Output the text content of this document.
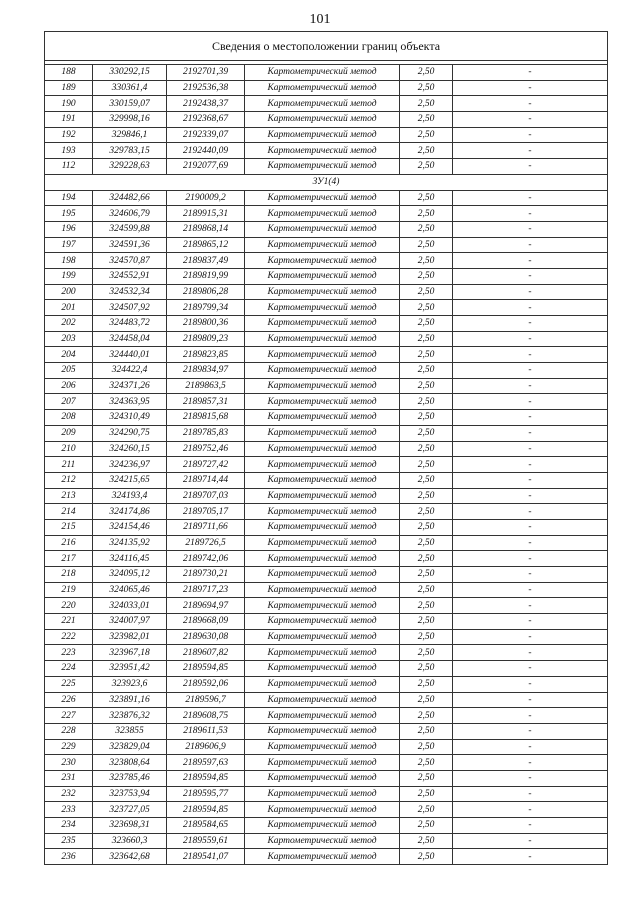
101
Сведения о местоположении границ объекта					

188	330292,15	2192701,39	Картометрический метод	2,50	-
189	330361,4	2192536,38	Картометрический метод	2,50	-
190	330159,07	2192438,37	Картометрический метод	2,50	-
191	329998,16	2192368,67	Картометрический метод	2,50	-
192	329846,1	2192339,07	Картометрический метод	2,50	-
193	329783,15	2192440,09	Картометрический метод	2,50	-
112	329228,63	2192077,69	Картометрический метод	2,50	-
ЗУ1(4)					
194	324482,66	2190009,2	Картометрический метод	2,50	-
195	324606,79	2189915,31	Картометрический метод	2,50	-
196	324599,88	2189868,14	Картометрический метод	2,50	-
197	324591,36	2189865,12	Картометрический метод	2,50	-
198	324570,87	2189837,49	Картометрический метод	2,50	-
199	324552,91	2189819,99	Картометрический метод	2,50	-
200	324532,34	2189806,28	Картометрический метод	2,50	-
201	324507,92	2189799,34	Картометрический метод	2,50	-
202	324483,72	2189800,36	Картометрический метод	2,50	-
203	324458,04	2189809,23	Картометрический метод	2,50	-
204	324440,01	2189823,85	Картометрический метод	2,50	-
205	324422,4	2189834,97	Картометрический метод	2,50	-
206	324371,26	2189863,5	Картометрический метод	2,50	-
207	324363,95	2189857,31	Картометрический метод	2,50	-
208	324310,49	2189815,68	Картометрический метод	2,50	-
209	324290,75	2189785,83	Картометрический метод	2,50	-
210	324260,15	2189752,46	Картометрический метод	2,50	-
211	324236,97	2189727,42	Картометрический метод	2,50	-
212	324215,65	2189714,44	Картометрический метод	2,50	-
213	324193,4	2189707,03	Картометрический метод	2,50	-
214	324174,86	2189705,17	Картометрический метод	2,50	-
215	324154,46	2189711,66	Картометрический метод	2,50	-
216	324135,92	2189726,5	Картометрический метод	2,50	-
217	324116,45	2189742,06	Картометрический метод	2,50	-
218	324095,12	2189730,21	Картометрический метод	2,50	-
219	324065,46	2189717,23	Картометрический метод	2,50	-
220	324033,01	2189694,97	Картометрический метод	2,50	-
221	324007,97	2189668,09	Картометрический метод	2,50	-
222	323982,01	2189630,08	Картометрический метод	2,50	-
223	323967,18	2189607,82	Картометрический метод	2,50	-
224	323951,42	2189594,85	Картометрический метод	2,50	-
225	323923,6	2189592,06	Картометрический метод	2,50	-
226	323891,16	2189596,7	Картометрический метод	2,50	-
227	323876,32	2189608,75	Картометрический метод	2,50	-
228	323855	2189611,53	Картометрический метод	2,50	-
229	323829,04	2189606,9	Картометрический метод	2,50	-
230	323808,64	2189597,63	Картометрический метод	2,50	-
231	323785,46	2189594,85	Картометрический метод	2,50	-
232	323753,94	2189595,77	Картометрический метод	2,50	-
233	323727,05	2189594,85	Картометрический метод	2,50	-
234	323698,31	2189584,65	Картометрический метод	2,50	-
235	323660,3	2189559,61	Картометрический метод	2,50	-
236	323642,68	2189541,07	Картометрический метод	2,50	-
